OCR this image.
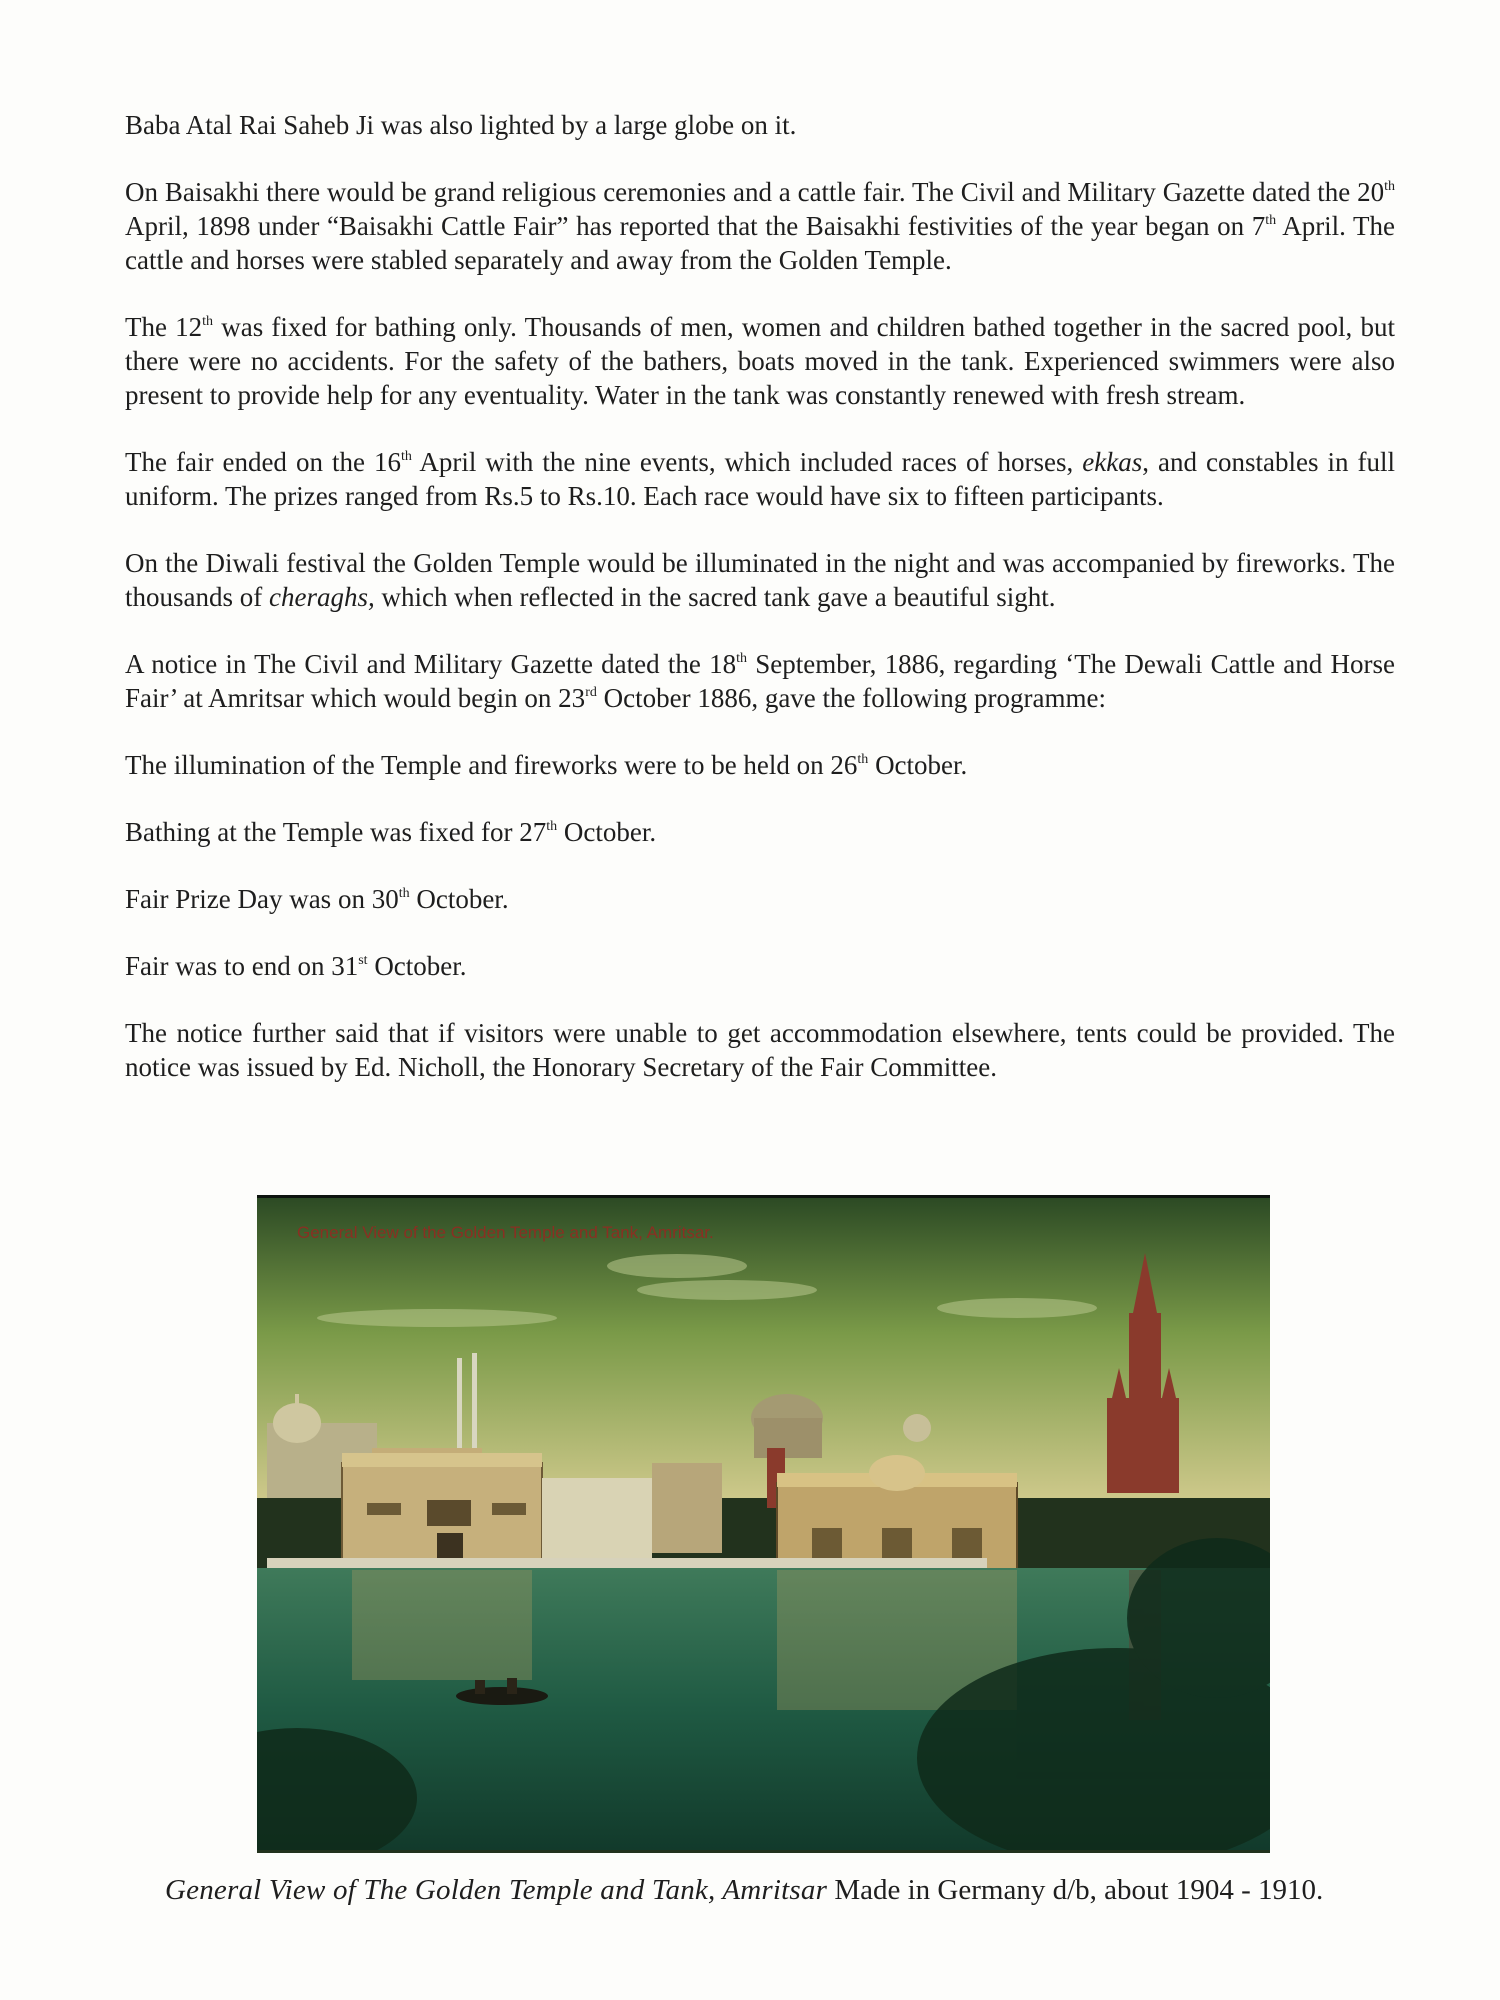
Baba Atal Rai Saheb Ji was also lighted by a large globe on it.

On Baisakhi there would be grand religious ceremonies and a cattle fair. The Civil and Military Gazette dated the 20th April, 1898 under “Baisakhi Cattle Fair” has reported that the Baisakhi festivities of the year began on 7th April. The cattle and horses were stabled separately and away from the Golden Temple.

The 12th was fixed for bathing only. Thousands of men, women and children bathed together in the sacred pool, but there were no accidents. For the safety of the bathers, boats moved in the tank. Experienced swimmers were also present to provide help for any eventuality. Water in the tank was constantly renewed with fresh stream.

The fair ended on the 16th April with the nine events, which included races of horses, ekkas, and constables in full uniform. The prizes ranged from Rs.5 to Rs.10. Each race would have six to fifteen participants.

On the Diwali festival the Golden Temple would be illuminated in the night and was accompanied by fireworks. The thousands of cheraghs, which when reflected in the sacred tank gave a beautiful sight.

A notice in The Civil and Military Gazette dated the 18th September, 1886, regarding ‘The Dewali Cattle and Horse Fair’ at Amritsar which would begin on 23rd October 1886, gave the following programme:

The illumination of the Temple and fireworks were to be held on 26th October.

Bathing at the Temple was fixed for 27th October.

Fair Prize Day was on 30th October.

Fair was to end on 31st October.

The notice further said that if visitors were unable to get accommodation elsewhere, tents could be provided. The notice was issued by Ed. Nicholl, the Honorary Secretary of the Fair Committee.

General View of the Golden Temple and Tank, Amritsar.
General View of The Golden Temple and Tank, Amritsar Made in Germany d/b, about 1904 - 1910.
